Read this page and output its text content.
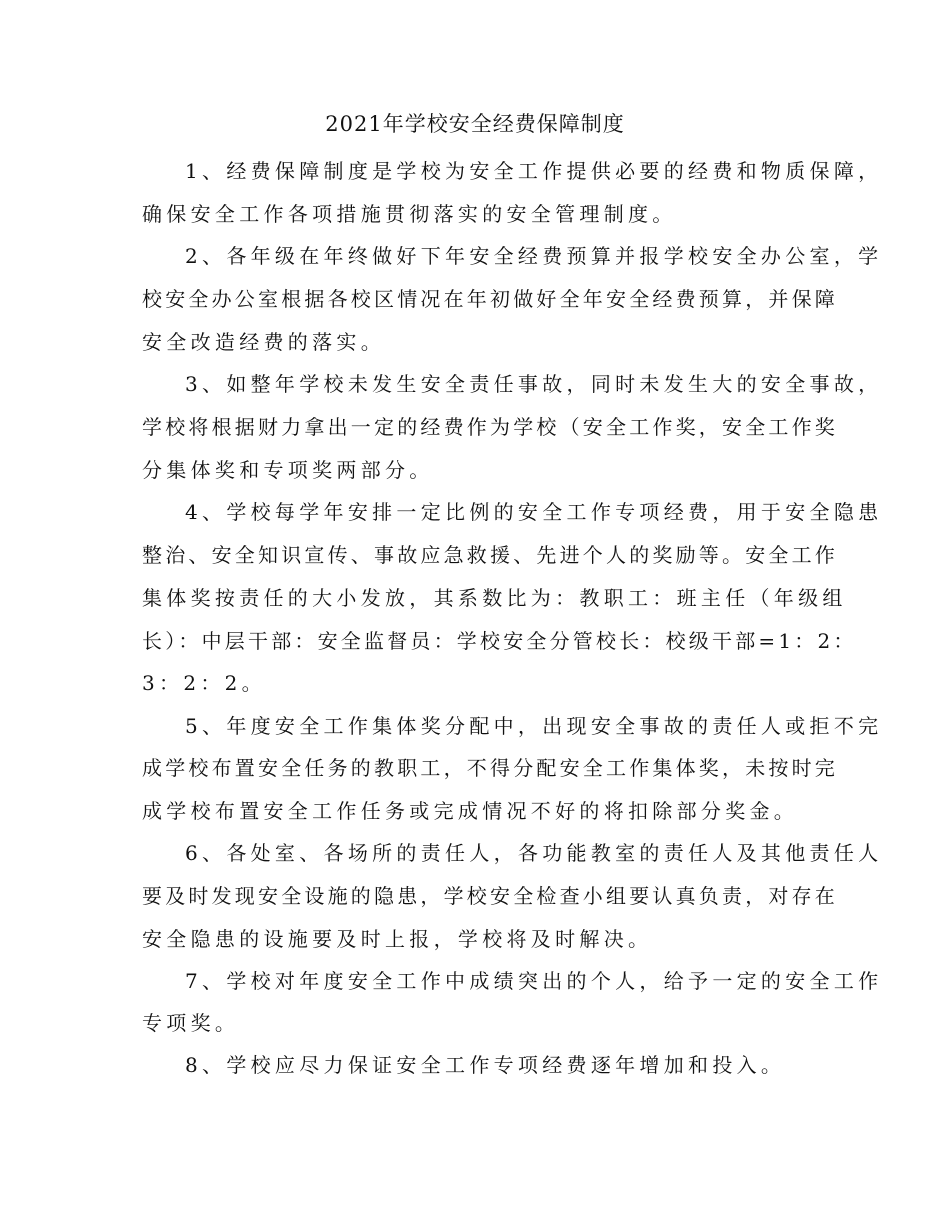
2021年学校安全经费保障制度
1、经费保障制度是学校为安全工作提供必要的经费和物质保障，
确保安全工作各项措施贯彻落实的安全管理制度。
2、各年级在年终做好下年安全经费预算并报学校安全办公室，学
校安全办公室根据各校区情况在年初做好全年安全经费预算，并保障
安全改造经费的落实。
3、如整年学校未发生安全责任事故，同时未发生大的安全事故，
学校将根据财力拿出一定的经费作为学校（安全工作奖，安全工作奖
分集体奖和专项奖两部分。
4、学校每学年安排一定比例的安全工作专项经费，用于安全隐患
整治、安全知识宣传、事故应急救援、先进个人的奖励等。安全工作
集体奖按责任的大小发放，其系数比为：教职工：班主任（年级组
长）：中层干部：安全监督员：学校安全分管校长：校级干部=1：2：
3：2：2。
5、年度安全工作集体奖分配中，出现安全事故的责任人或拒不完
成学校布置安全任务的教职工，不得分配安全工作集体奖，未按时完
成学校布置安全工作任务或完成情况不好的将扣除部分奖金。
6、各处室、各场所的责任人，各功能教室的责任人及其他责任人
要及时发现安全设施的隐患，学校安全检查小组要认真负责，对存在
安全隐患的设施要及时上报，学校将及时解决。
7、学校对年度安全工作中成绩突出的个人，给予一定的安全工作
专项奖。
8、学校应尽力保证安全工作专项经费逐年增加和投入。
